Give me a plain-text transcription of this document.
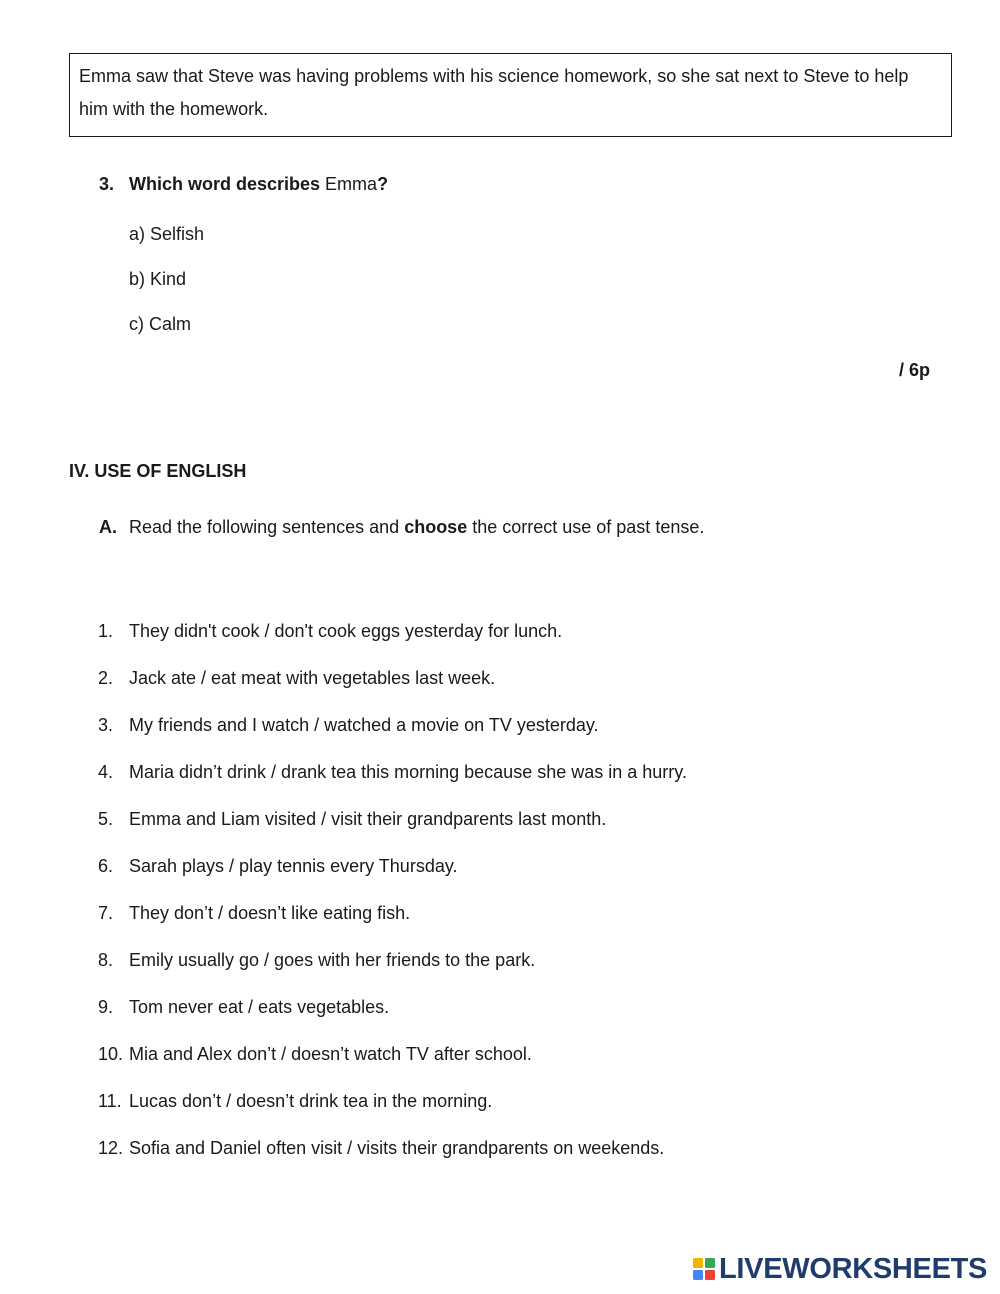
Emma saw that Steve was having problems with his science homework, so she sat next to Steve to help him with the homework.

3. Which word describes Emma?
a) Selfish
b) Kind
c) Calm
/ 6p
IV. USE OF ENGLISH
A. Read the following sentences and choose the correct use of past tense.
1. They didn't cook / don't cook eggs yesterday for lunch.
2. Jack ate / eat meat with vegetables last week.
3. My friends and I watch / watched a movie on TV yesterday.
4. Maria didn’t drink / drank tea this morning because she was in a hurry.
5. Emma and Liam visited / visit their grandparents last month.
6. Sarah plays / play tennis every Thursday.
7. They don’t / doesn’t like eating fish.
8. Emily usually go / goes with her friends to the park.
9. Tom never eat / eats vegetables.
10. Mia and Alex don’t / doesn’t watch TV after school.
11. Lucas don’t / doesn’t drink tea in the morning.
12. Sofia and Daniel often visit / visits their grandparents on weekends.
LIVEWORKSHEETS
